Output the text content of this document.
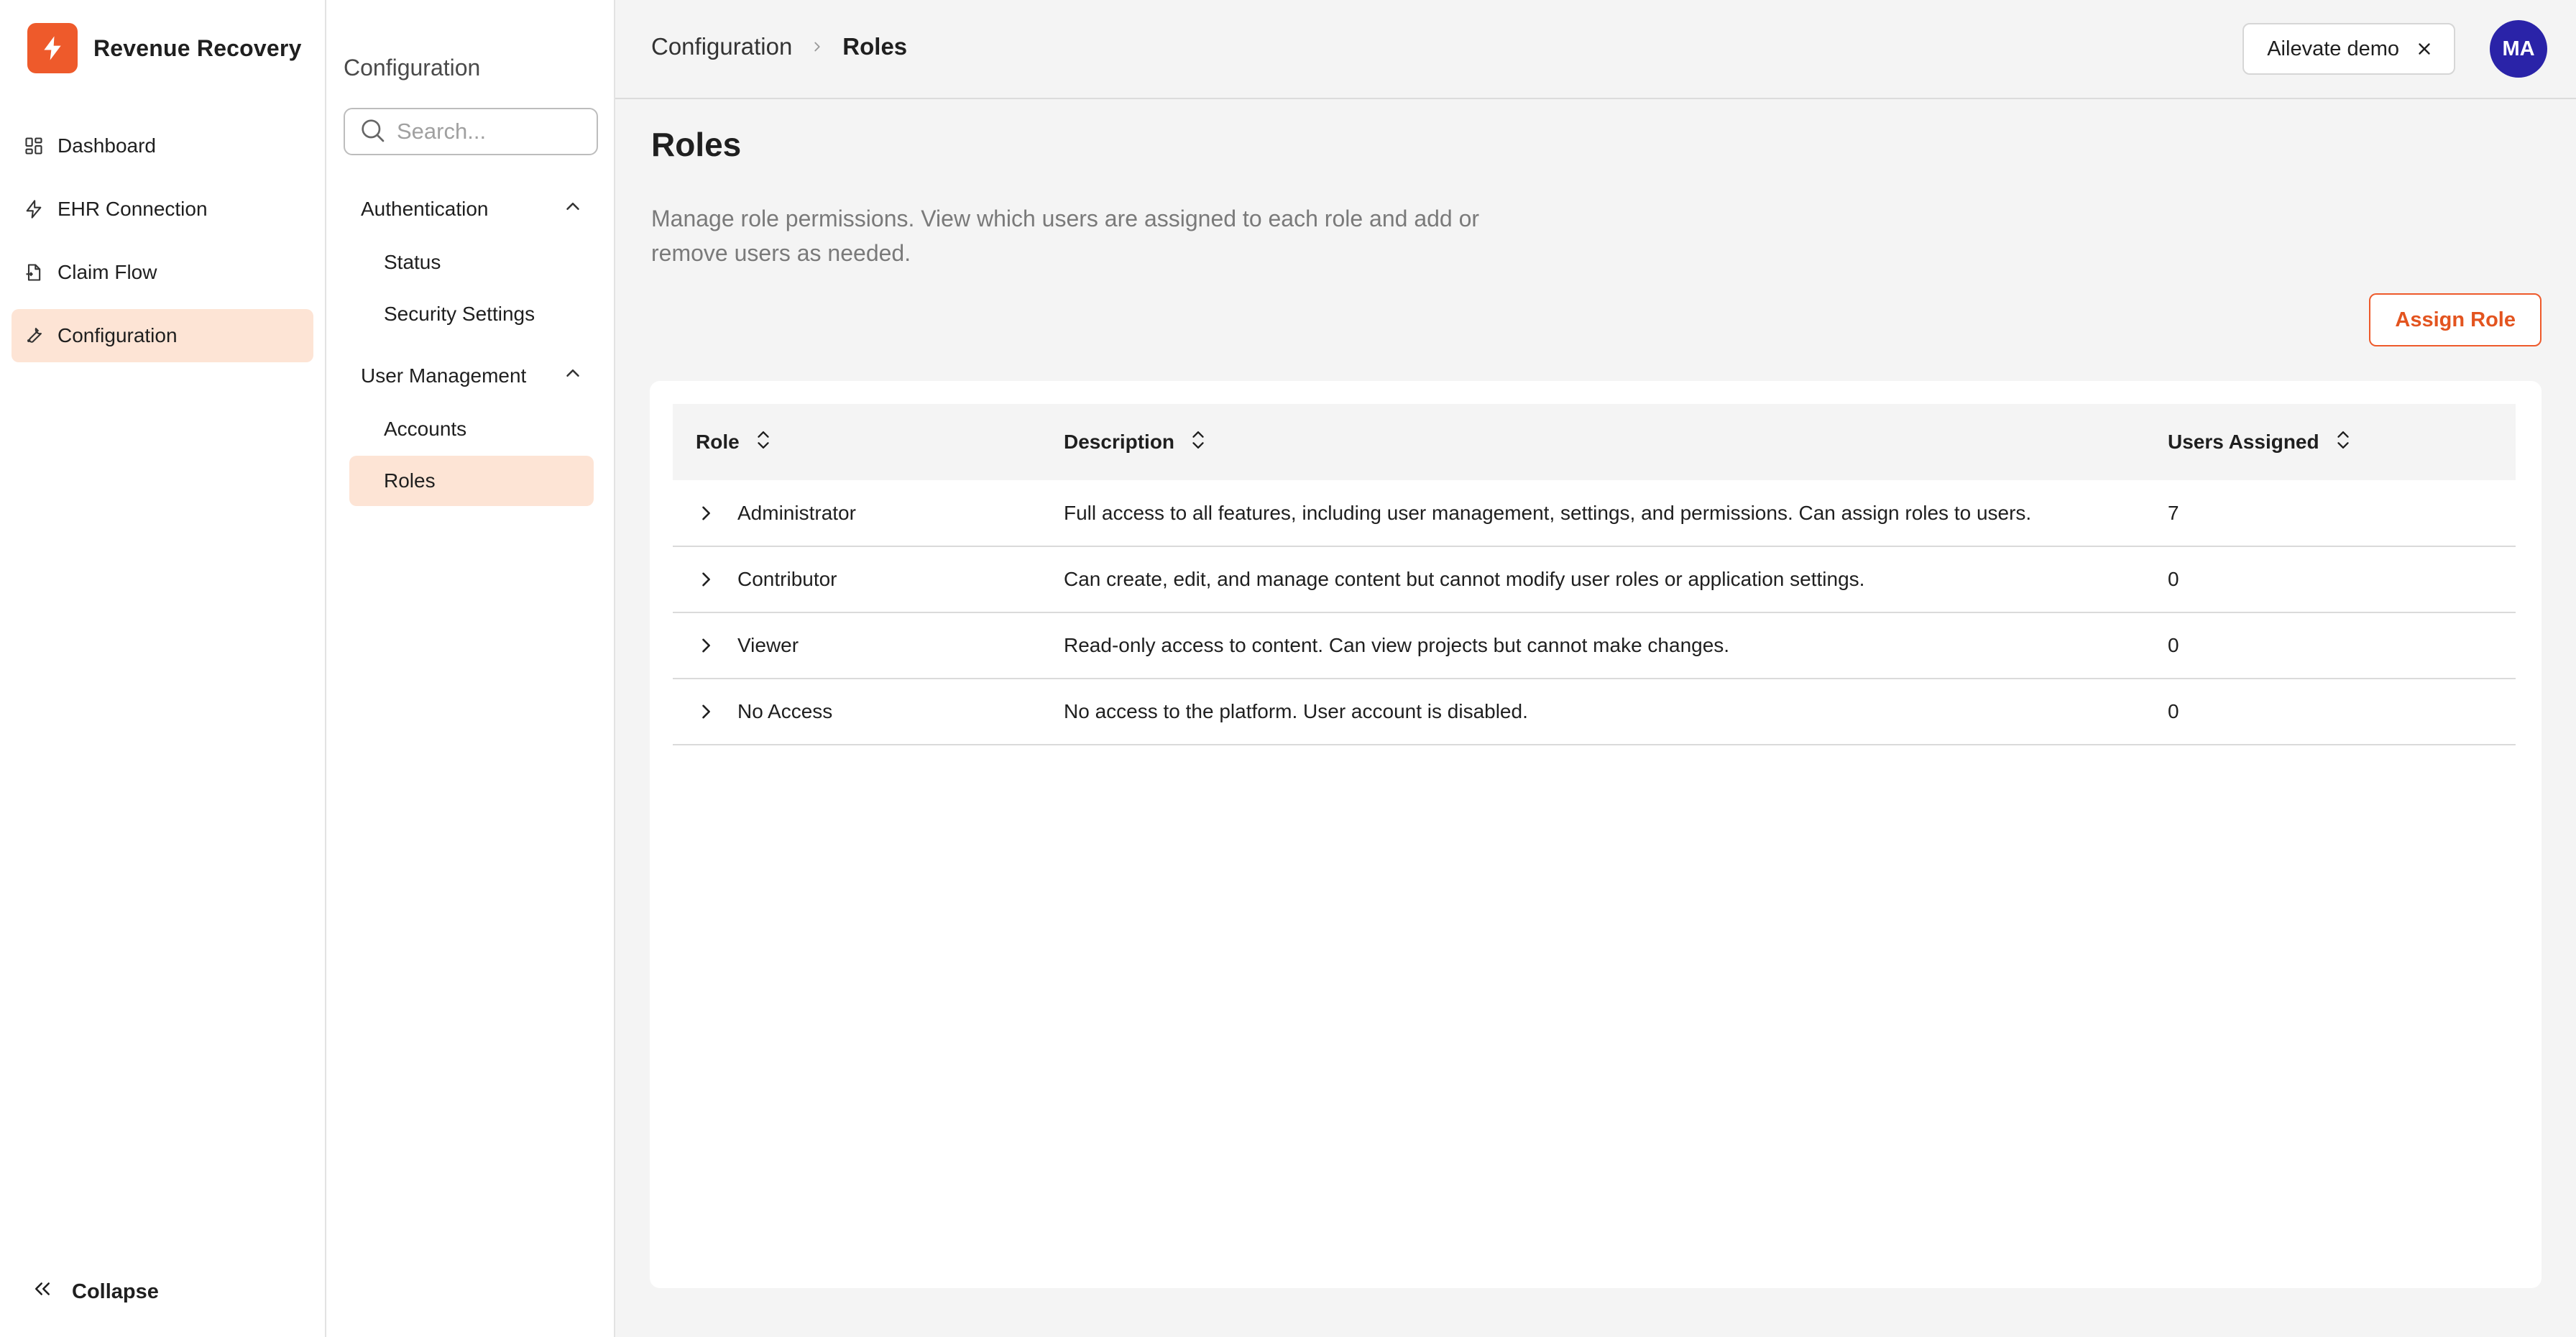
Revenue Recovery
Dashboard
EHR Connection
Claim Flow
Configuration
Collapse
Configuration
Search...
Authentication
Status
Security Settings
User Management
Accounts
Roles
Configuration Roles	Ailevate demo	MA
Roles

Manage role permissions. View which users are assigned to each role and add or remove users as needed.

Assign Role
Role	Description	Users Assigned

Administrator	Full access to all features, including user management, settings, and permissions. Can assign roles to users.	7

Contributor	Can create, edit, and manage content but cannot modify user roles or application settings.	0

Viewer	Read-only access to content. Can view projects but cannot make changes.	0

No Access	No access to the platform. User account is disabled.	0
